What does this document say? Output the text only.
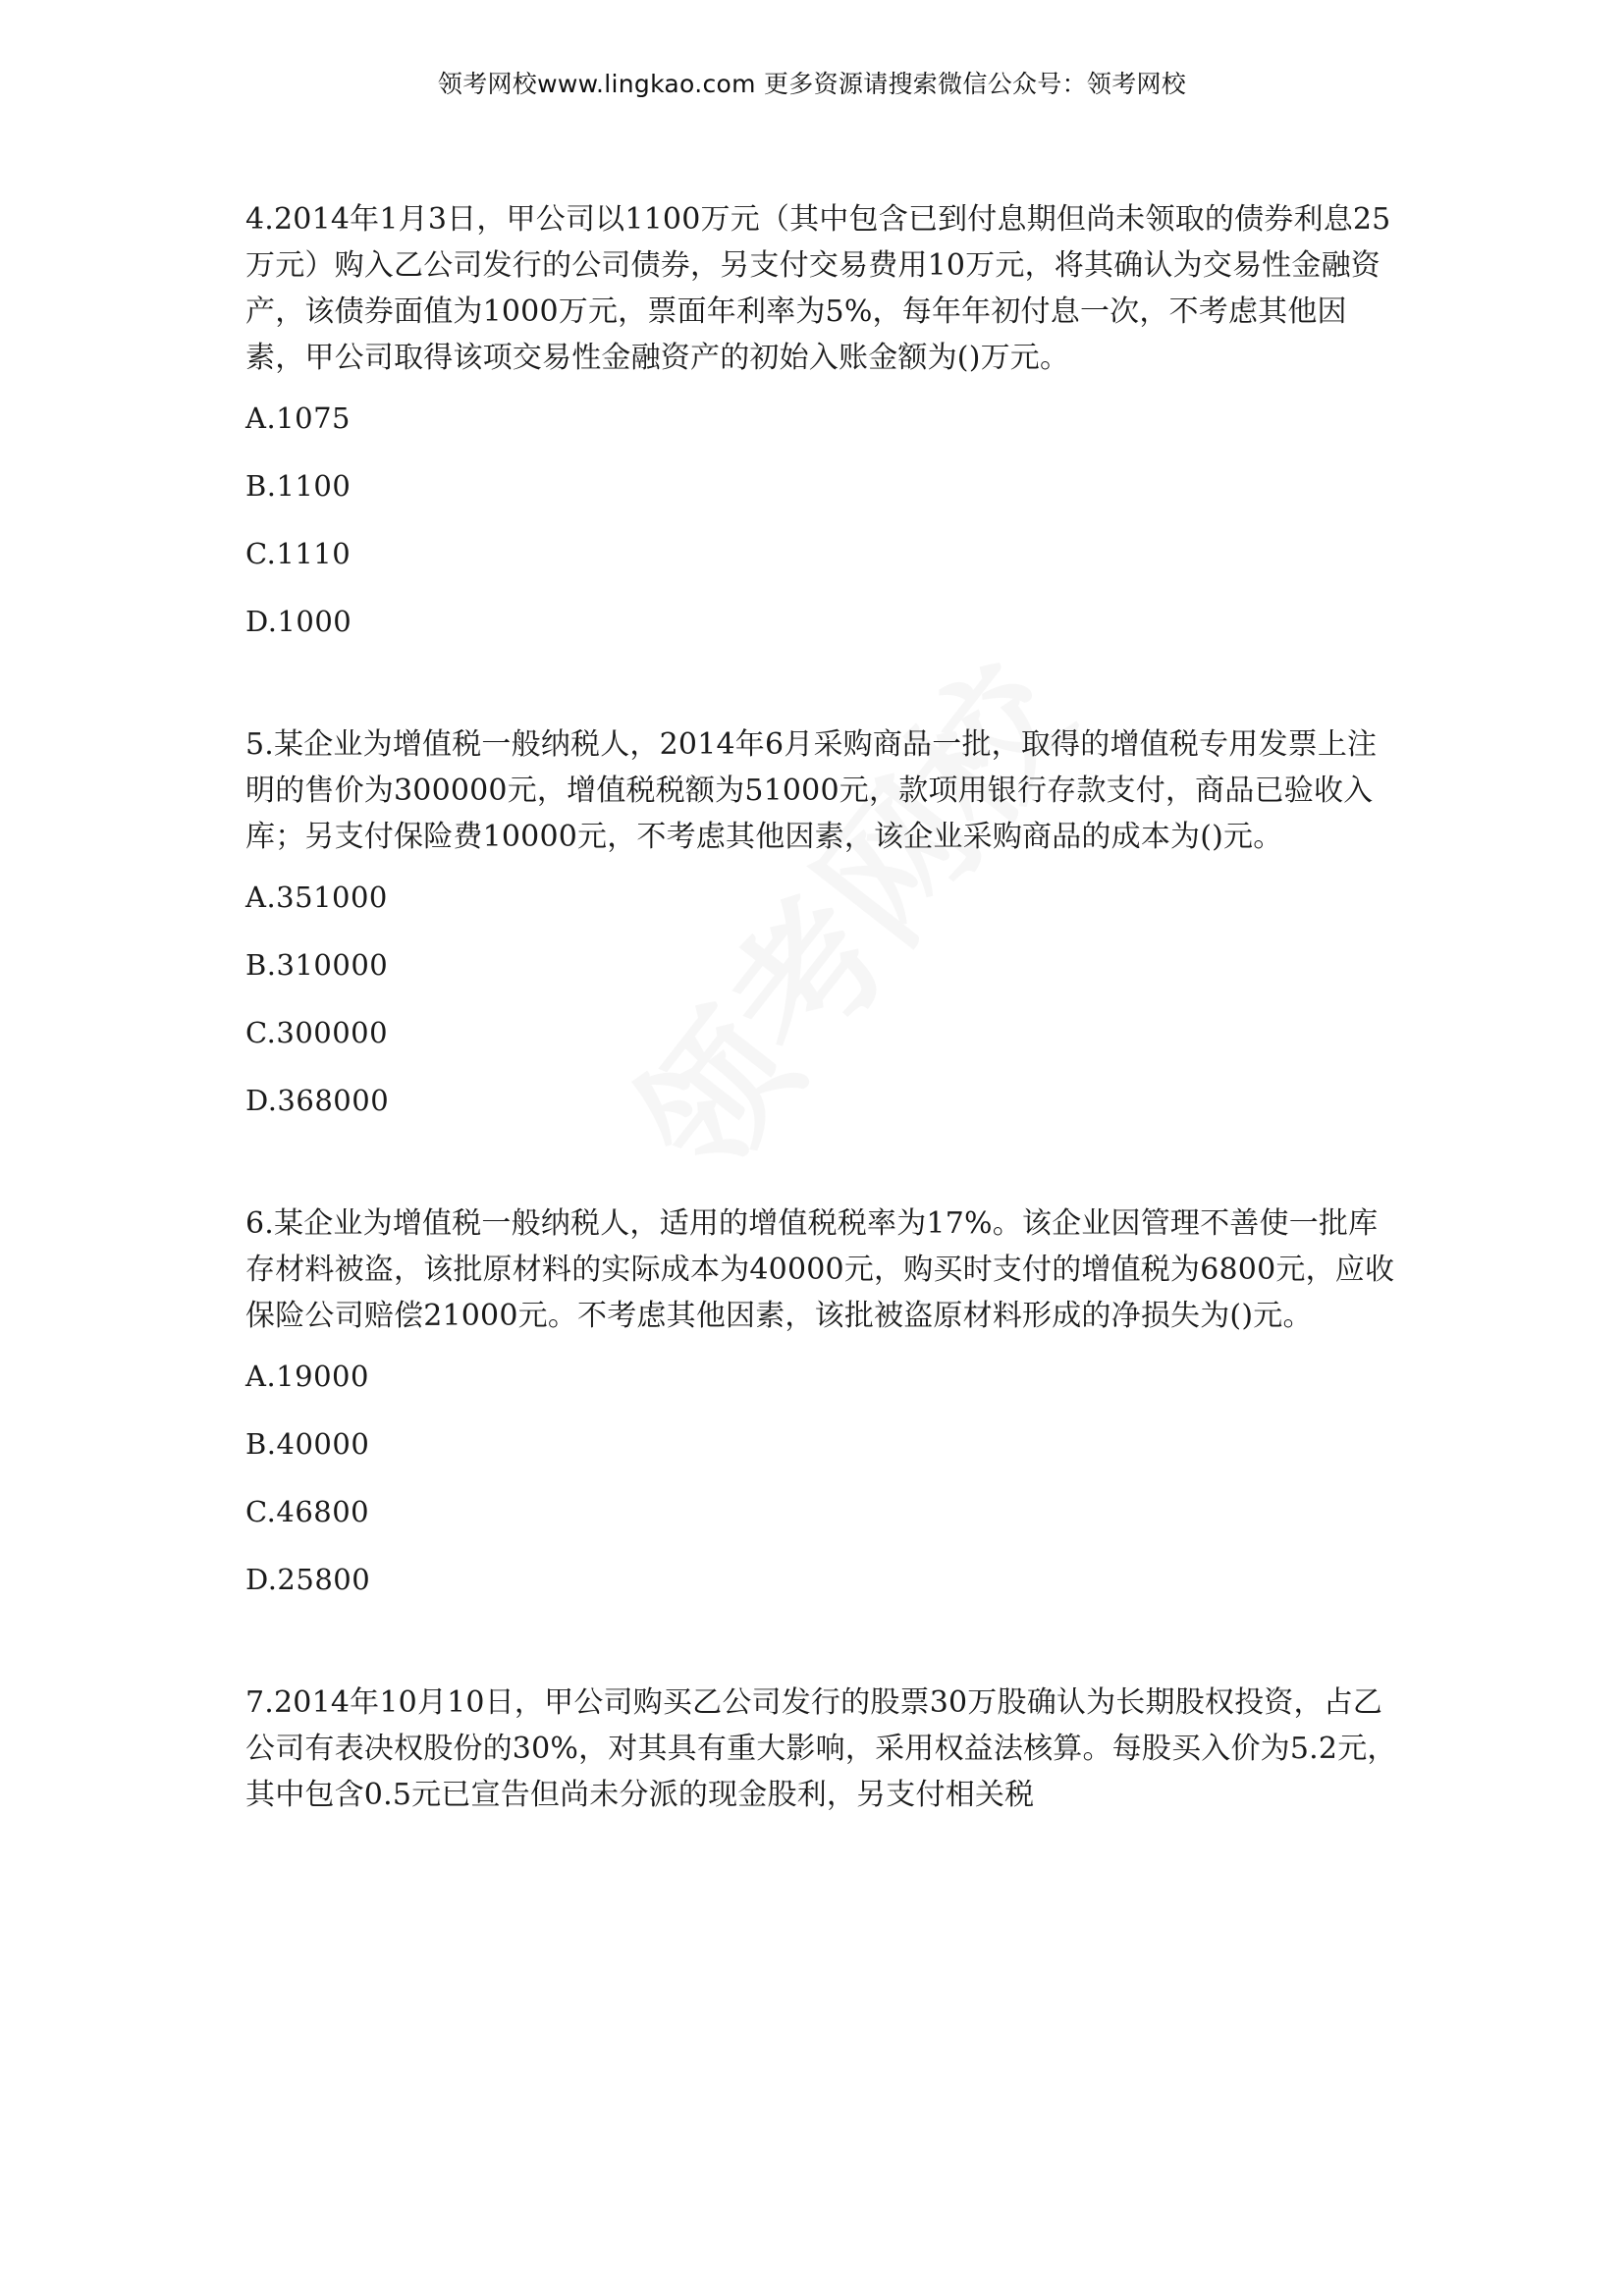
领考网校www.lingkao.com 更多资源请搜索微信公众号：领考网校

4.2014年1月3日，甲公司以1100万元（其中包含已到付息期但尚未领取的债券利息25万元）购入乙公司发行的公司债券，另支付交易费用10万元，将其确认为交易性金融资产，该债券面值为1000万元，票面年利率为5%，每年年初付息一次，不考虑其他因素，甲公司取得该项交易性金融资产的初始入账金额为()万元。

A.1075

B.1100

C.1110

D.1000

5.某企业为增值税一般纳税人，2014年6月采购商品一批，取得的增值税专用发票上注明的售价为300000元，增值税税额为51000元，款项用银行存款支付，商品已验收入库；另支付保险费10000元，不考虑其他因素，该企业采购商品的成本为()元。

A.351000

B.310000

C.300000

D.368000

6.某企业为增值税一般纳税人，适用的增值税税率为17%。该企业因管理不善使一批库存材料被盗，该批原材料的实际成本为40000元，购买时支付的增值税为6800元，应收保险公司赔偿21000元。不考虑其他因素，该批被盗原材料形成的净损失为()元。

A.19000

B.40000

C.46800

D.25800

7.2014年10月10日，甲公司购买乙公司发行的股票30万股确认为长期股权投资，占乙公司有表决权股份的30%，对其具有重大影响，采用权益法核算。每股买入价为5.2元，其中包含0.5元已宣告但尚未分派的现金股利，另支付相关税
